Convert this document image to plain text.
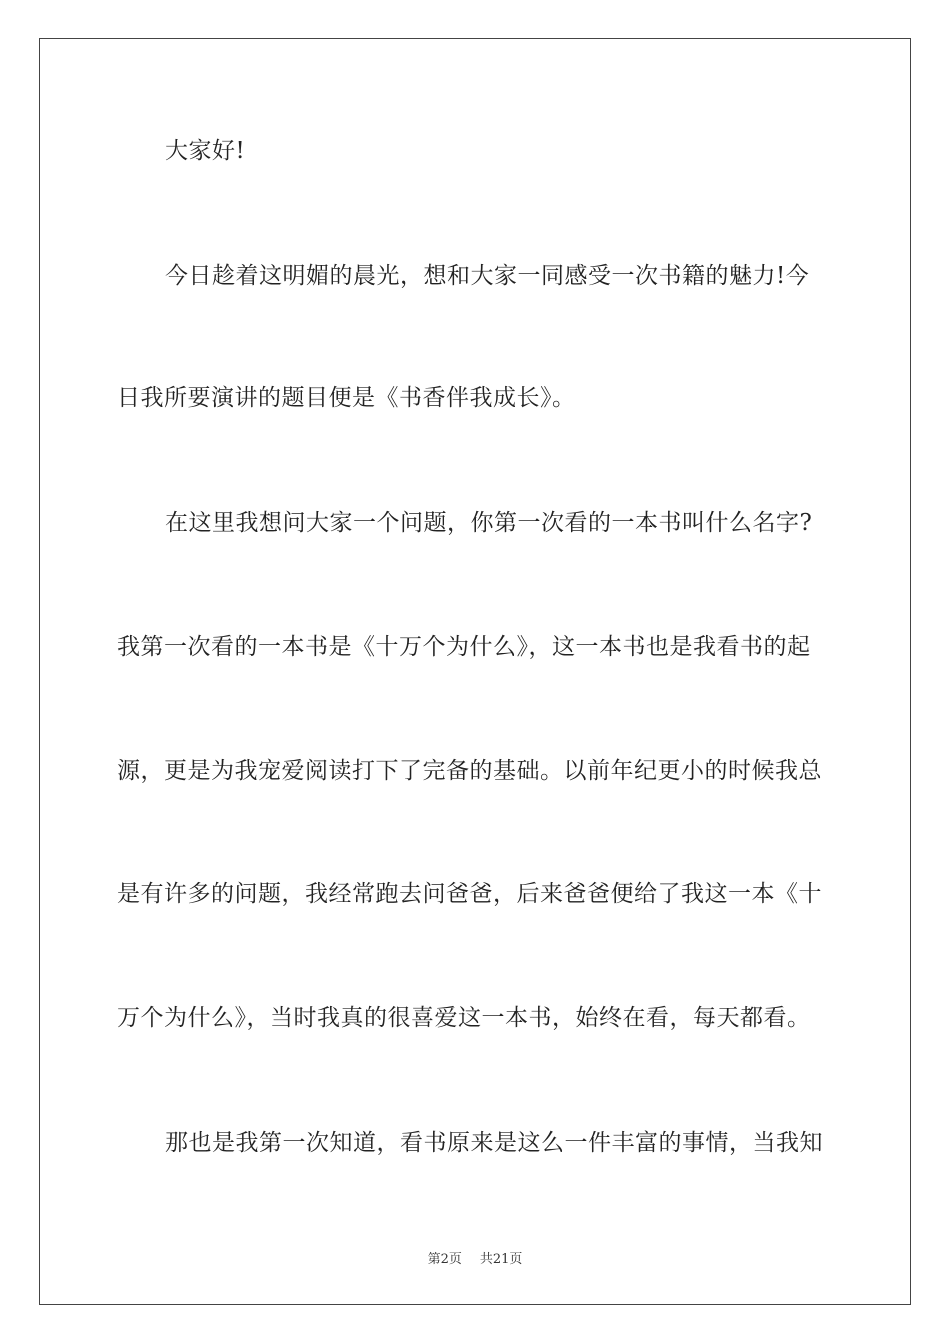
大家好!
今日趁着这明媚的晨光，想和大家一同感受一次书籍的魅力!今
日我所要演讲的题目便是《书香伴我成长》。
在这里我想问大家一个问题，你第一次看的一本书叫什么名字?
我第一次看的一本书是《十万个为什么》，这一本书也是我看书的起
源，更是为我宠爱阅读打下了完备的基础。以前年纪更小的时候我总
是有许多的问题，我经常跑去问爸爸，后来爸爸便给了我这一本《十
万个为什么》，当时我真的很喜爱这一本书，始终在看，每天都看。
那也是我第一次知道，看书原来是这么一件丰富的事情，当我知
第2页 共21页
